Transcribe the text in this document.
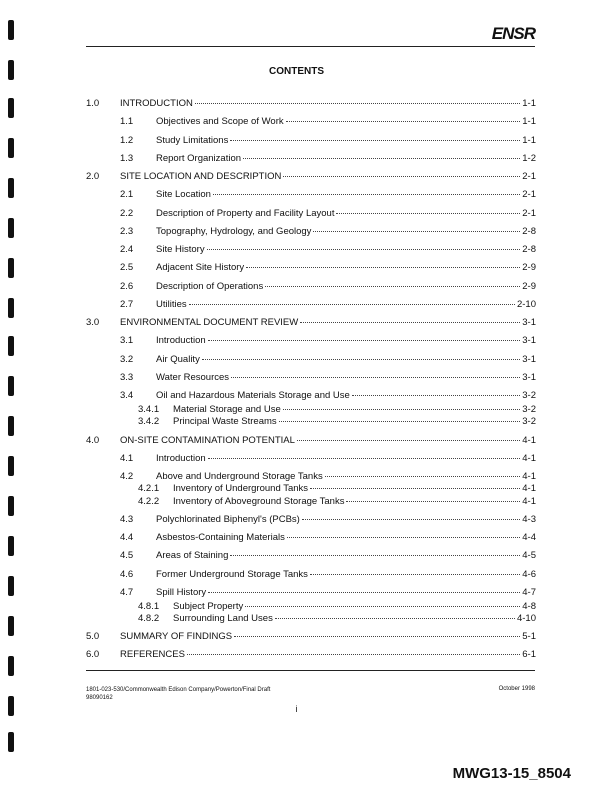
ENSR
CONTENTS
1.0	INTRODUCTION	1-1
1.1	Objectives and Scope of Work	1-1
1.2	Study Limitations	1-1
1.3	Report Organization	1-2
2.0	SITE LOCATION AND DESCRIPTION	2-1
2.1	Site Location	2-1
2.2	Description of Property and Facility Layout	2-1
2.3	Topography, Hydrology, and Geology	2-8
2.4	Site History	2-8
2.5	Adjacent Site History	2-9
2.6	Description of Operations	2-9
2.7	Utilities	2-10
3.0	ENVIRONMENTAL DOCUMENT REVIEW	3-1
3.1	Introduction	3-1
3.2	Air Quality	3-1
3.3	Water Resources	3-1
3.4	Oil and Hazardous Materials Storage and Use	3-2
3.4.1	Material Storage and Use	3-2
3.4.2	Principal Waste Streams	3-2
4.0	ON-SITE CONTAMINATION POTENTIAL	4-1
4.1	Introduction	4-1
4.2	Above and Underground Storage Tanks	4-1
4.2.1	Inventory of Underground Tanks	4-1
4.2.2	Inventory of Aboveground Storage Tanks	4-1
4.3	Polychlorinated Biphenyl's (PCBs)	4-3
4.4	Asbestos-Containing Materials	4-4
4.5	Areas of Staining	4-5
4.6	Former Underground Storage Tanks	4-6
4.7	Spill History	4-7
4.8.1	Subject Property	4-8
4.8.2	Surrounding Land Uses	4-10
5.0	SUMMARY OF FINDINGS	5-1
6.0	REFERENCES	6-1
1801-023-530/Commonwealth Edison Company/Powerton/Final Draft
98090162
October 1998
i
MWG13-15_8504
